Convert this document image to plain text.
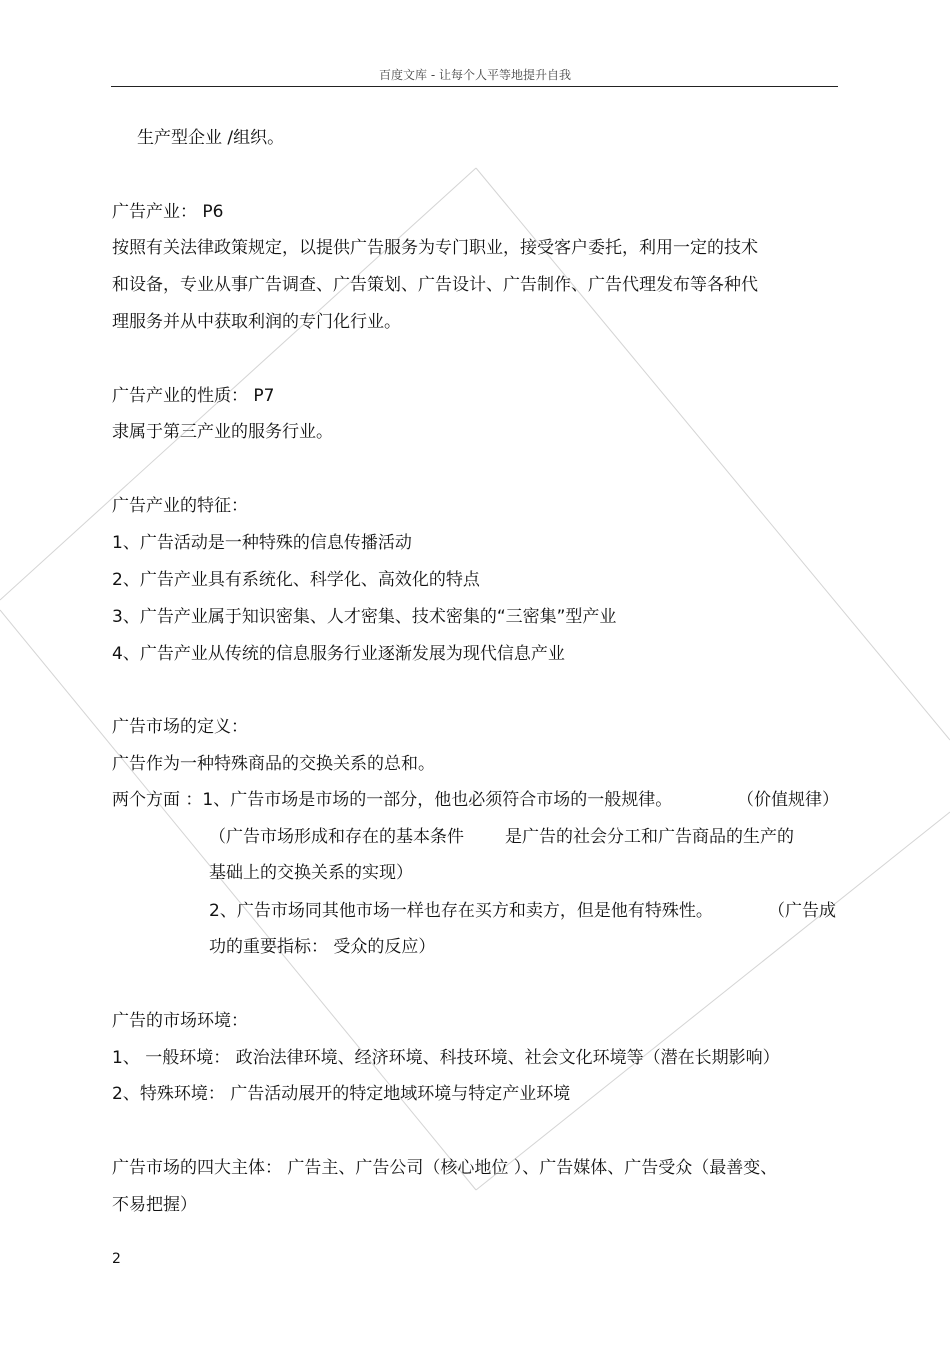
百度文库 - 让每个人平等地提升自我
生产型企业 /组织。
广告产业： P6
按照有关法律政策规定，以提供广告服务为专门职业，接受客户委托，利用一定的技术
和设备，专业从事广告调查、广告策划、广告设计、广告制作、广告代理发布等各种代
理服务并从中获取利润的专门化行业。
广告产业的性质： P7
隶属于第三产业的服务行业。
广告产业的特征：
1、广告活动是一种特殊的信息传播活动
2、广告产业具有系统化、科学化、高效化的特点
3、广告产业属于知识密集、人才密集、技术密集的“三密集”型产业
4、广告产业从传统的信息服务行业逐渐发展为现代信息产业
广告市场的定义：
广告作为一种特殊商品的交换关系的总和。
两个方面 ：1、广告市场是市场的一部分，他也必须符合市场的一般规律。	（价值规律）
（广告市场形成和存在的基本条件 是广告的社会分工和广告商品的生产的
基础上的交换关系的实现）
2、广告市场同其他市场一样也存在买方和卖方，但是他有特殊性。	（广告成
功的重要指标： 受众的反应）
广告的市场环境：
1、 一般环境： 政治法律环境、经济环境、科技环境、社会文化环境等（潜在长期影响）
2、特殊环境： 广告活动展开的特定地域环境与特定产业环境
广告市场的四大主体： 广告主、广告公司（核心地位 ）、广告媒体、广告受众（最善变、
不易把握）
2
